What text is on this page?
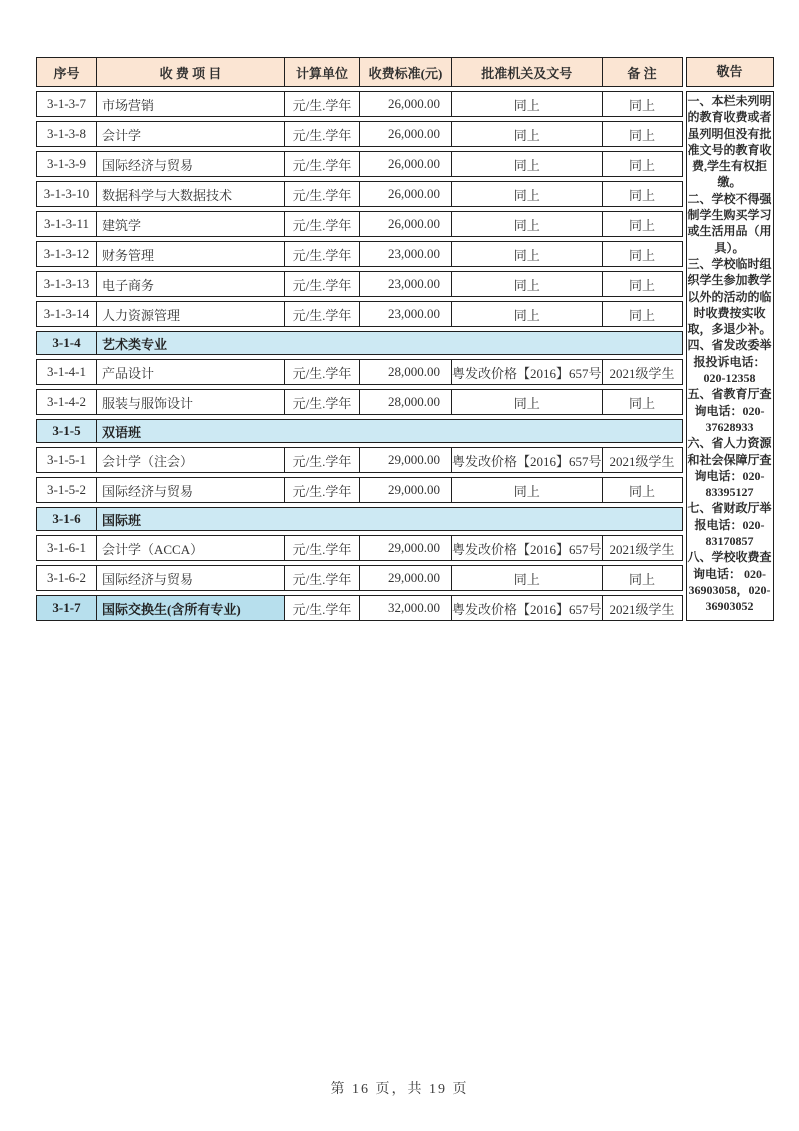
序号	收 费 项 目	计算单位	收费标准(元)	批准机关及文号	备 注
3-1-3-7	市场营销	元/生.学年	26,000.00	同上	同上
3-1-3-8	会计学	元/生.学年	26,000.00	同上	同上
3-1-3-9	国际经济与贸易	元/生.学年	26,000.00	同上	同上
3-1-3-10	数据科学与大数据技术	元/生.学年	26,000.00	同上	同上
3-1-3-11	建筑学	元/生.学年	26,000.00	同上	同上
3-1-3-12	财务管理	元/生.学年	23,000.00	同上	同上
3-1-3-13	电子商务	元/生.学年	23,000.00	同上	同上
3-1-3-14	人力资源管理	元/生.学年	23,000.00	同上	同上
3-1-4	艺术类专业				
3-1-4-1	产品设计	元/生.学年	28,000.00	粤发改价格【2016】657号	2021级学生
3-1-4-2	服装与服饰设计	元/生.学年	28,000.00	同上	同上
3-1-5	双语班				
3-1-5-1	会计学（注会）	元/生.学年	29,000.00	粤发改价格【2016】657号	2021级学生
3-1-5-2	国际经济与贸易	元/生.学年	29,000.00	同上	同上
3-1-6	国际班				
3-1-6-1	会计学（ACCA）	元/生.学年	29,000.00	粤发改价格【2016】657号	2021级学生
3-1-6-2	国际经济与贸易	元/生.学年	29,000.00	同上	同上
3-1-7	国际交换生(含所有专业)	元/生.学年	32,000.00	粤发改价格【2016】657号	2021级学生
敬告

一、本栏未列明的教育收费或者虽列明但没有批准文号的教育收费,学生有权拒缴。

二、学校不得强制学生购买学习或生活用品（用具）。

三、学校临时组织学生参加教学以外的活动的临时收费按实收取，多退少补。

四、省发改委举报投诉电话：020-12358

五、省教育厅查询电话：020-37628933

六、省人力资源和社会保障厅查询电话：020-83395127

七、省财政厅举报电话：020-83170857

八、学校收费查询电话： 020-36903058，020-36903052

第 16 页，共 19 页
